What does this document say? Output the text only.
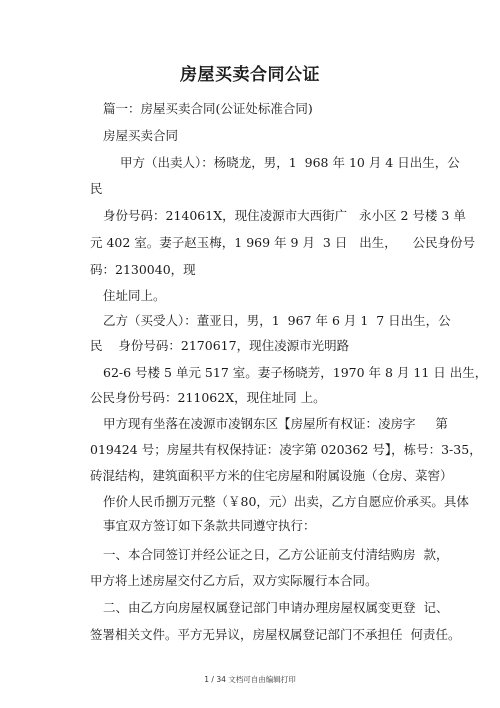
房屋买卖合同公证
篇一：房屋买卖合同(公证处标准合同)
房屋买卖合同
甲方（出卖人）：杨晓龙，男，1  968 年 10 月 4 日出生，公
民
身份号码：214061X，现住凌源市大西街广   永小区 2 号楼 3 单
元 402 室。妻子赵玉梅，1 969 年 9 月  3 日   出生，    公民身份号
码：2130040，现
住址同上。
乙方（买受人）：董亚日，男，1  967 年 6 月 1  7 日出生，公
民    身份号码：2170617，现住凌源市光明路
62-6 号楼 5 单元 517 室。妻子杨晓芳，1970 年 8 月 11 日 出生，
公民身份号码：211062X，现住址同 上。
甲方现有坐落在凌源市凌钢东区【房屋所有权证：凌房字     第
019424 号；房屋共有权保持证：凌字第 020362 号】，栋号：3-35，
砖混结构，建筑面积平方米的住宅房屋和附属设施（仓房、菜窖）
作价人民币捌万元整（￥80，元）出卖，乙方自愿应价承买。具体
事宜双方签订如下条款共同遵守执行：
一、本合同签订并经公证之日，乙方公证前支付清结购房  款，
甲方将上述房屋交付乙方后，双方实际履行本合同。
二、由乙方向房屋权属登记部门申请办理房屋权属变更登  记、
签署相关文件。平方无异议，房屋权属登记部门不承担任  何责任。
1 / 34 文档可自由编辑打印
